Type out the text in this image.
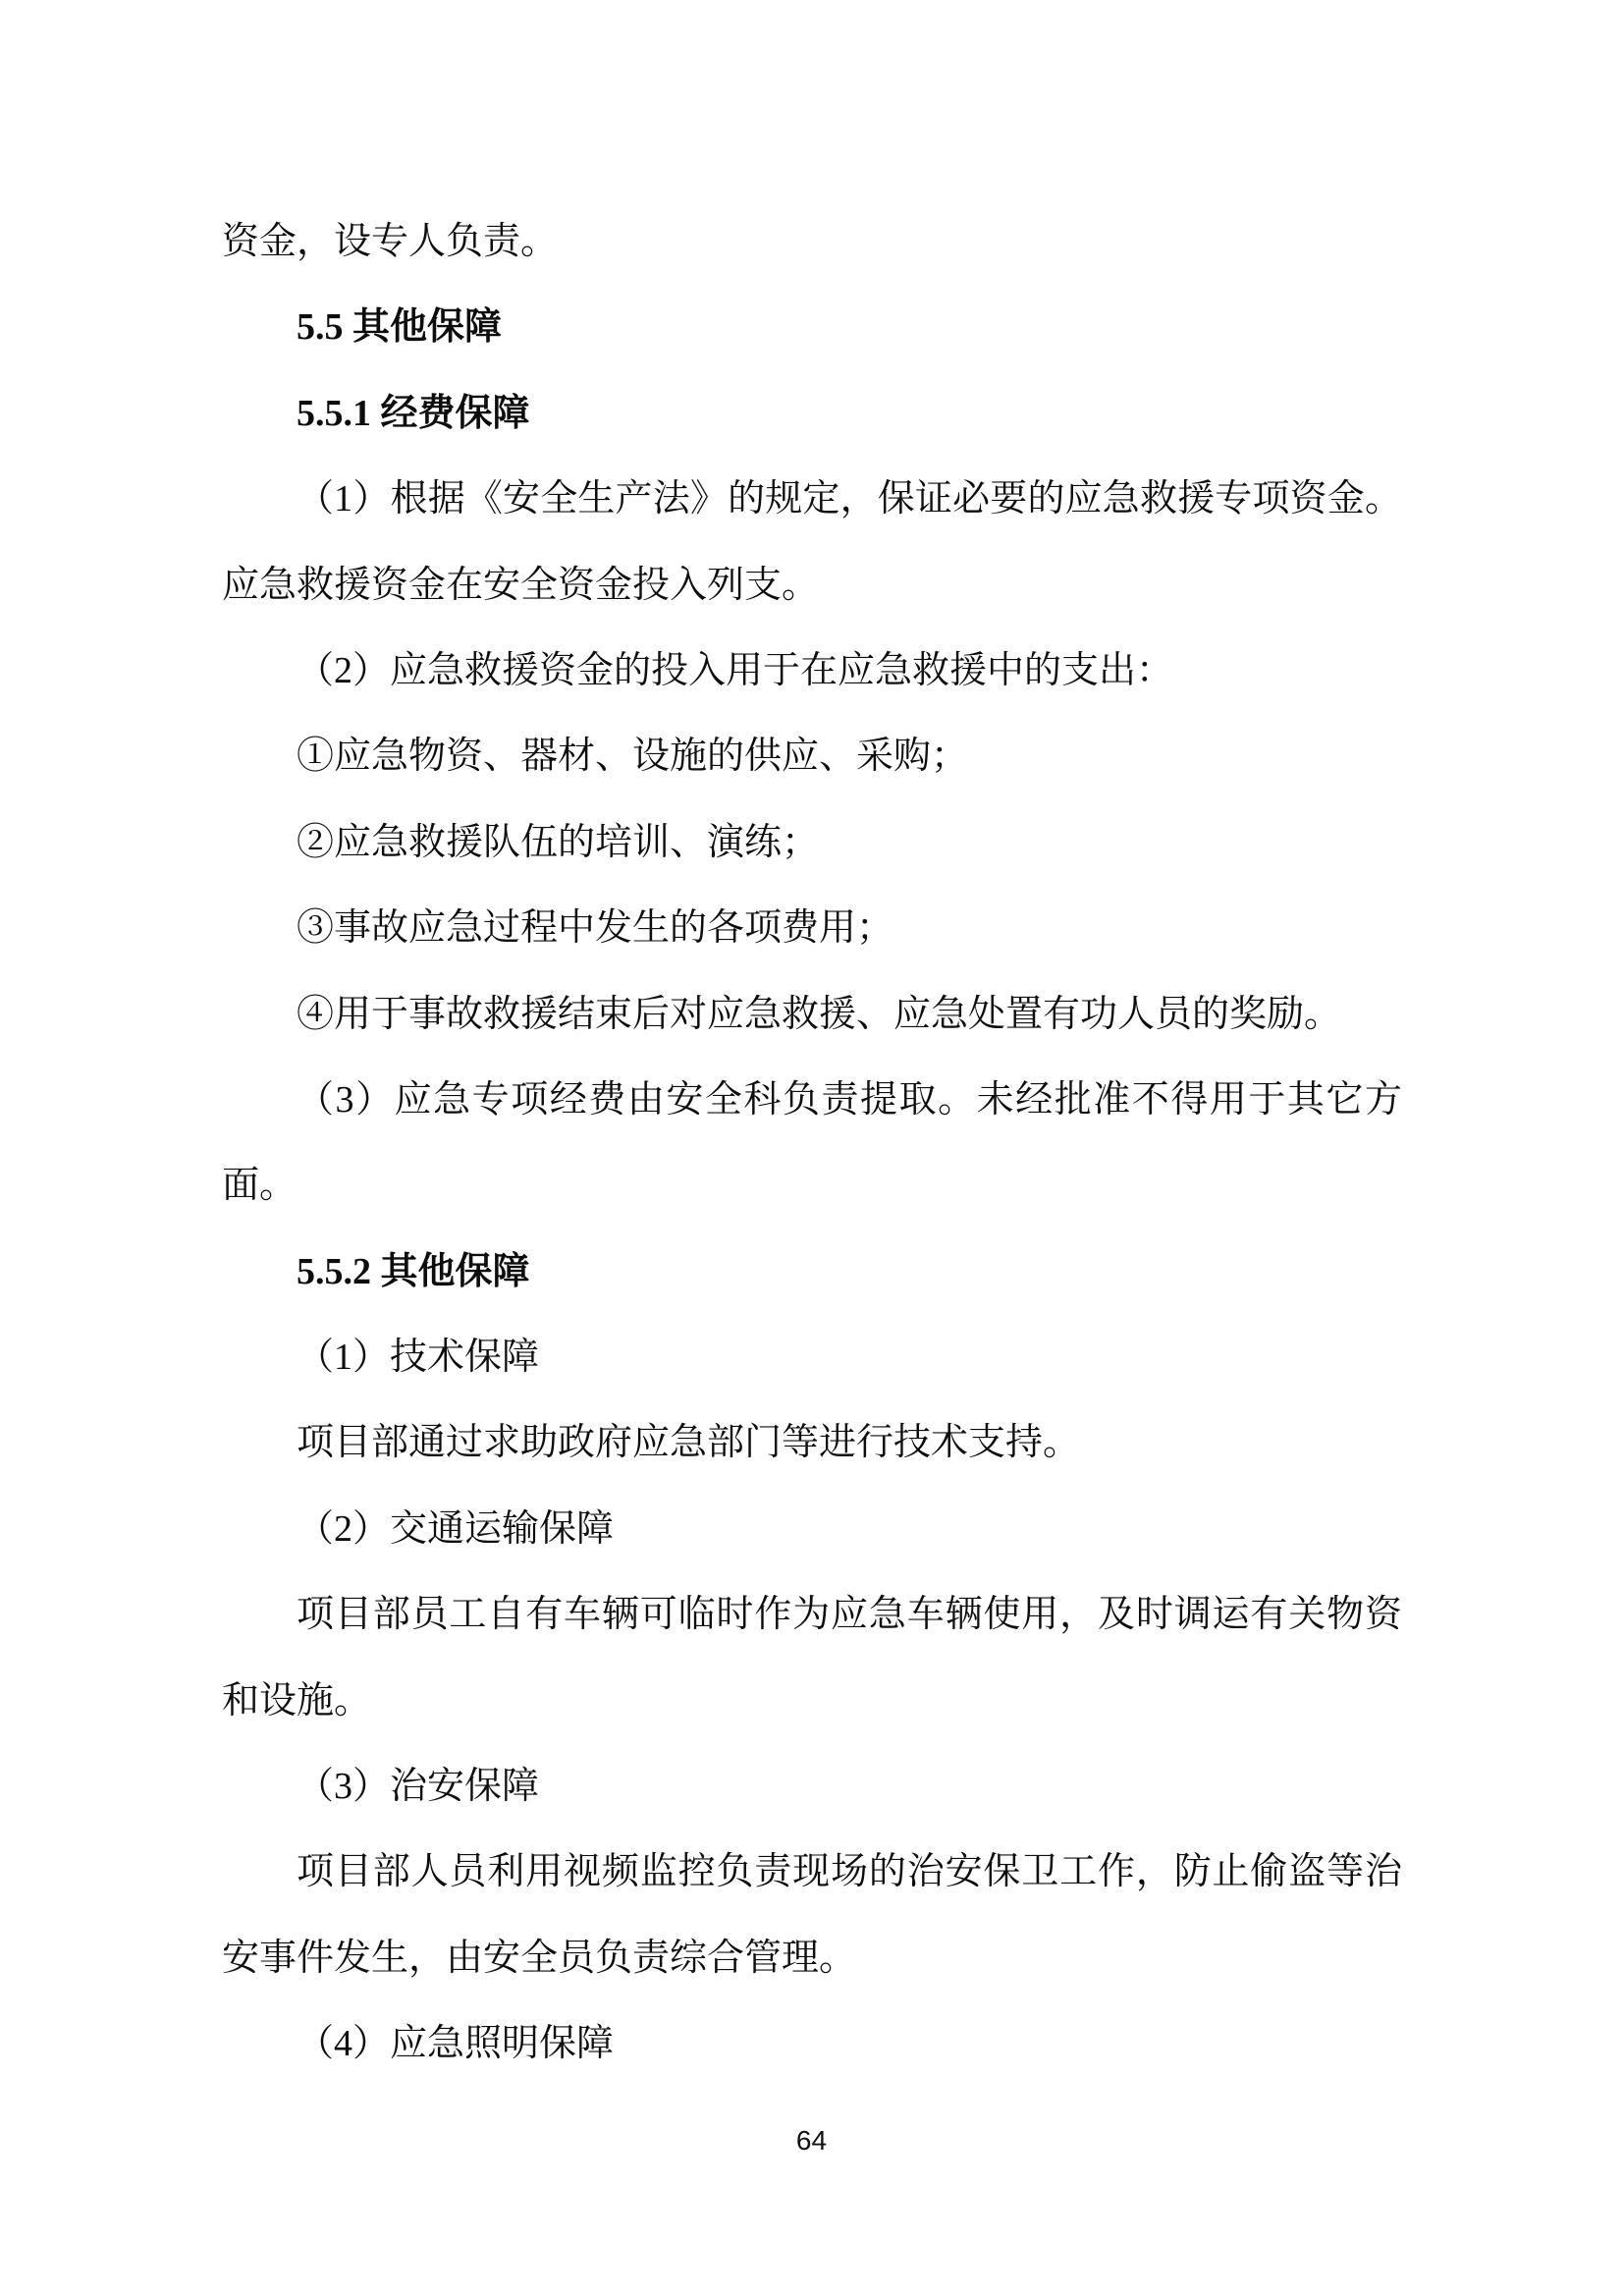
资金，设专人负责。
5.5 其他保障
5.5.1 经费保障
（1）根据《安全生产法》的规定，保证必要的应急救援专项资金。
应急救援资金在安全资金投入列支。
（2）应急救援资金的投入用于在应急救援中的支出：
①应急物资、器材、设施的供应、采购；
②应急救援队伍的培训、演练；
③事故应急过程中发生的各项费用；
④用于事故救援结束后对应急救援、应急处置有功人员的奖励。
（3）应急专项经费由安全科负责提取。未经批准不得用于其它方
面。
5.5.2 其他保障
（1）技术保障
项目部通过求助政府应急部门等进行技术支持。
（2）交通运输保障
项目部员工自有车辆可临时作为应急车辆使用，及时调运有关物资
和设施。
（3）治安保障
项目部人员利用视频监控负责现场的治安保卫工作，防止偷盗等治
安事件发生，由安全员负责综合管理。
（4）应急照明保障
64
